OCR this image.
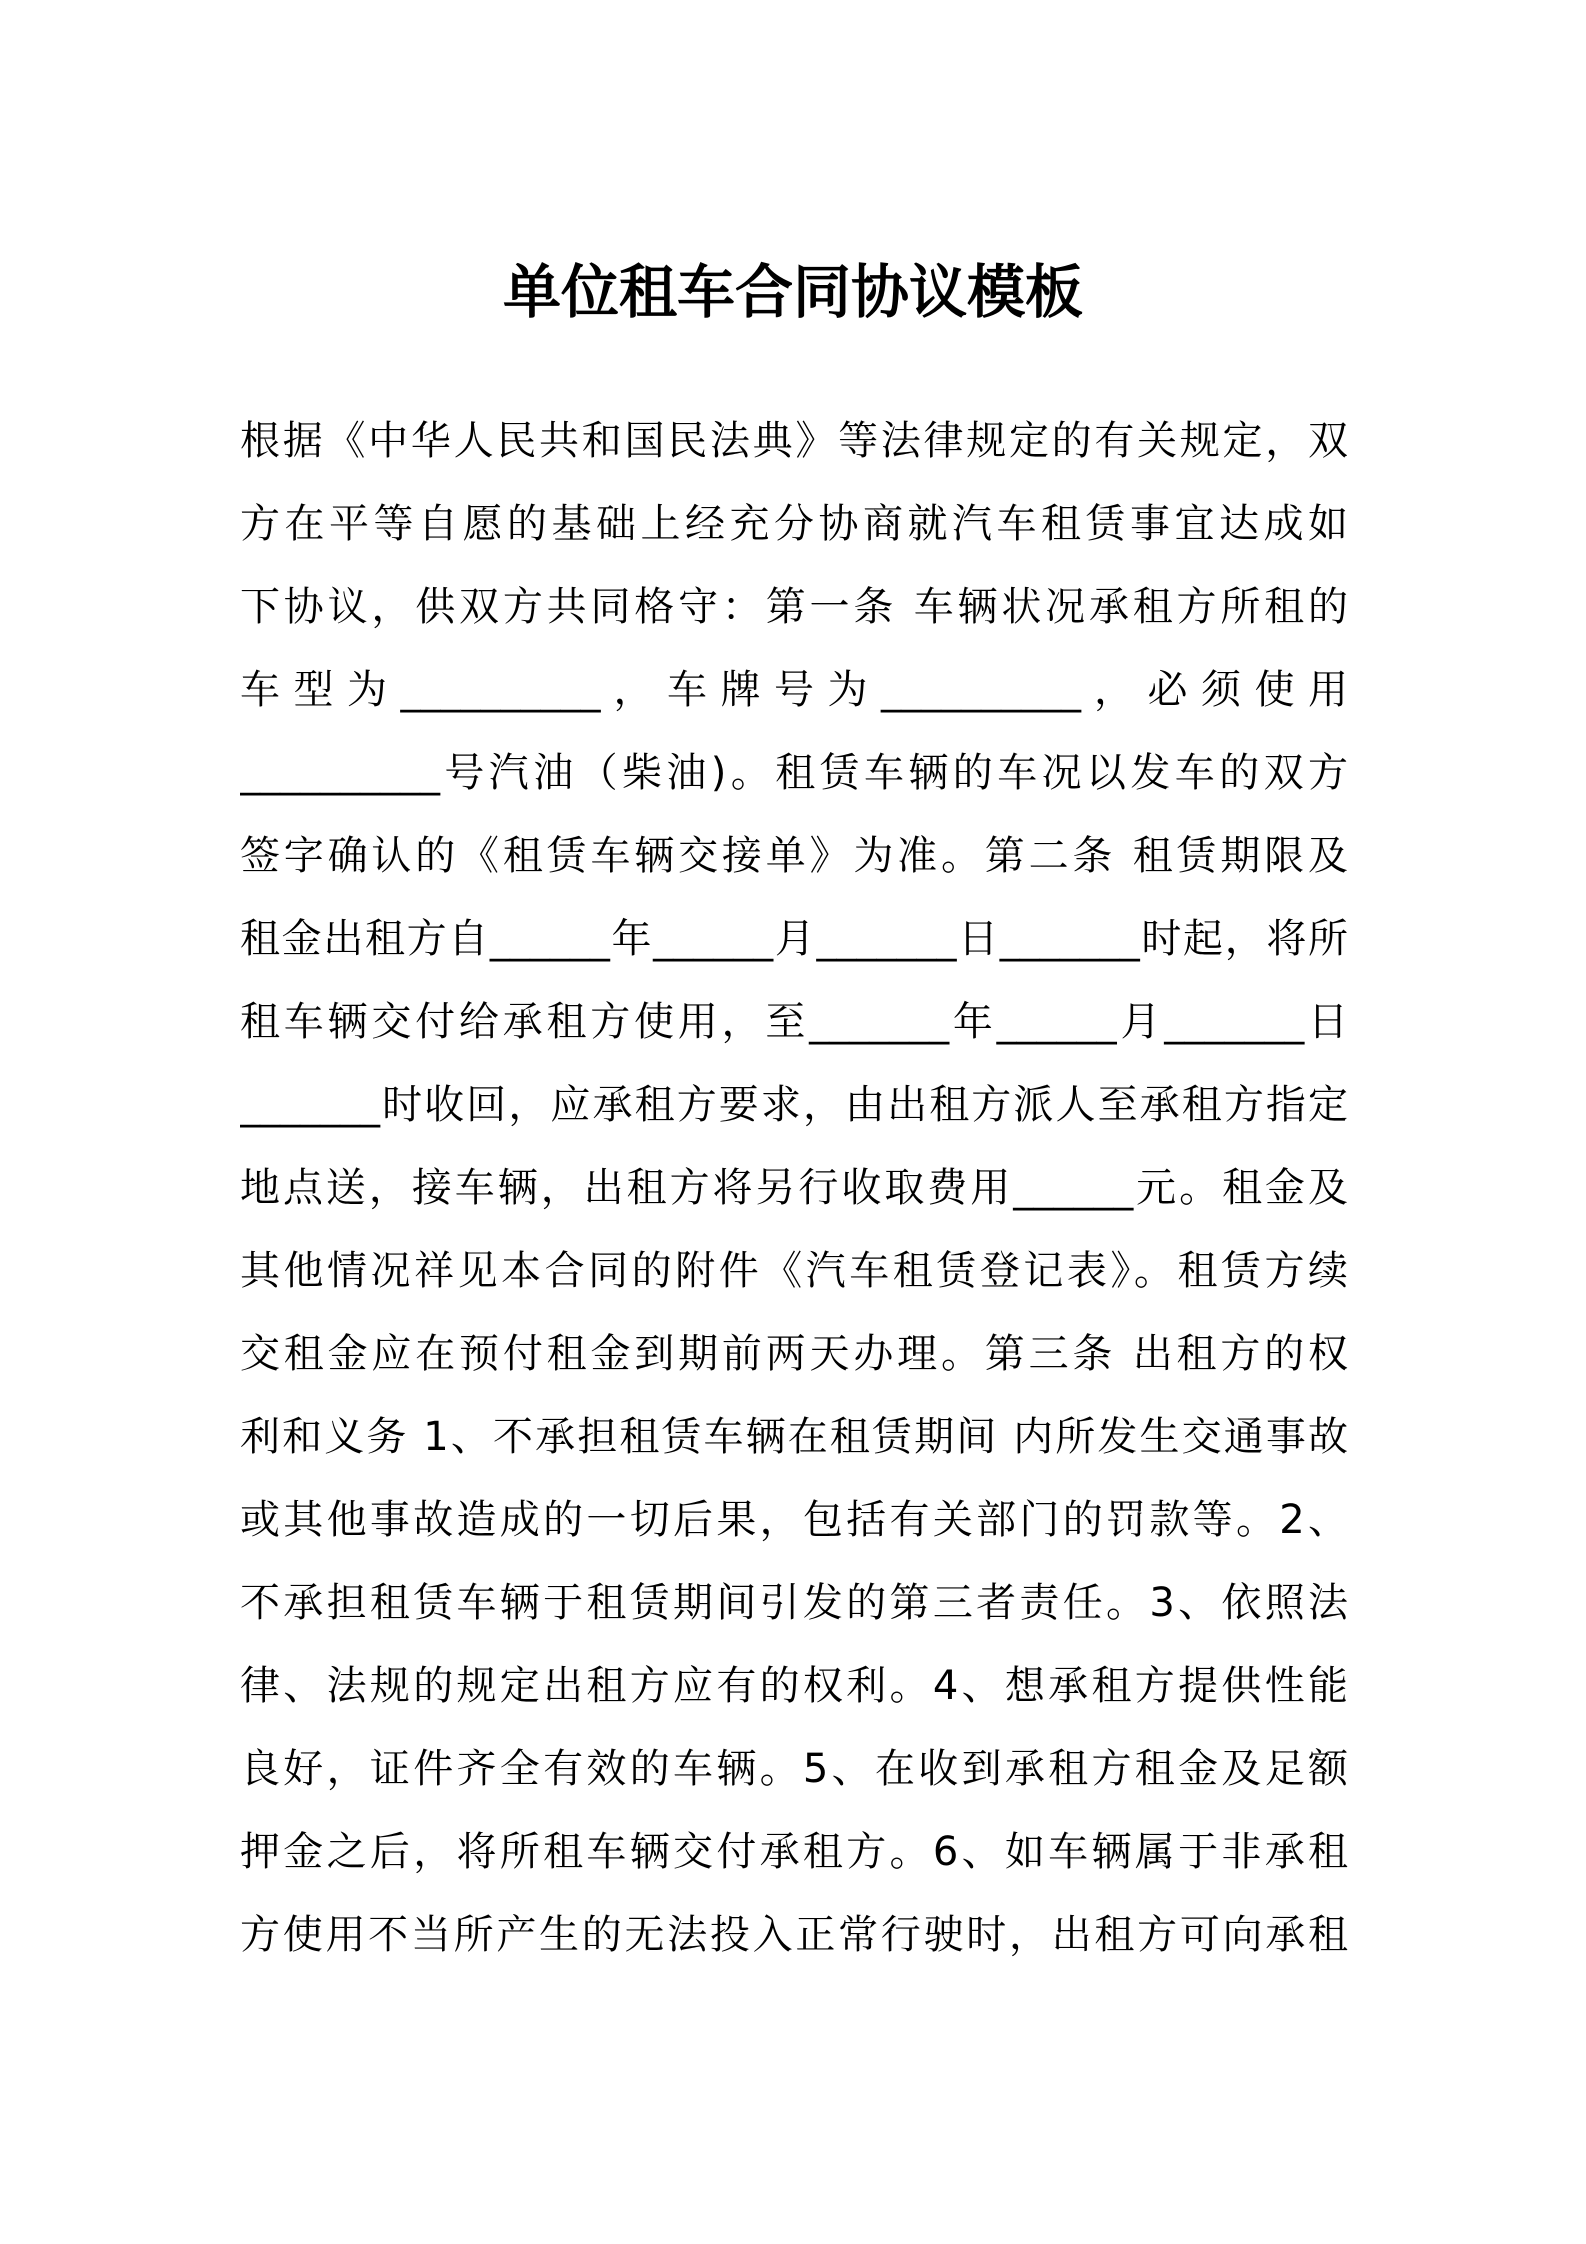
单位租车合同协议模板
根据《中华人民共和国民法典》等法律规定的有关规定，双
方在平等自愿的基础上经充分协商就汽车租赁事宜达成如
下协议，供双方共同格守：第一条 车辆状况承租方所租的
车 型 为 __________ ， 车 牌 号 为 __________ ， 必 须 使 用
__________号汽油（柴油)。租赁车辆的车况以发车的双方
签字确认的《租赁车辆交接单》为准。第二条 租赁期限及
租金出租方自______年______月_______日_______时起，将所
租车辆交付给承租方使用，至_______年______月_______日
_______时收回，应承租方要求，由出租方派人至承租方指定
地点送，接车辆，出租方将另行收取费用______元。租金及
其他情况祥见本合同的附件《汽车租赁登记表》。租赁方续
交租金应在预付租金到期前两天办理。第三条 出租方的权
利和义务 1、不承担租赁车辆在租赁期间 内所发生交通事故
或其他事故造成的一切后果，包括有关部门的罚款等。2、
不承担租赁车辆于租赁期间引发的第三者责任。3、依照法
律、法规的规定出租方应有的权利。4、想承租方提供性能
良好，证件齐全有效的车辆。5、在收到承租方租金及足额
押金之后，将所租车辆交付承租方。6、如车辆属于非承租
方使用不当所产生的无法投入正常行驶时，出租方可向承租
